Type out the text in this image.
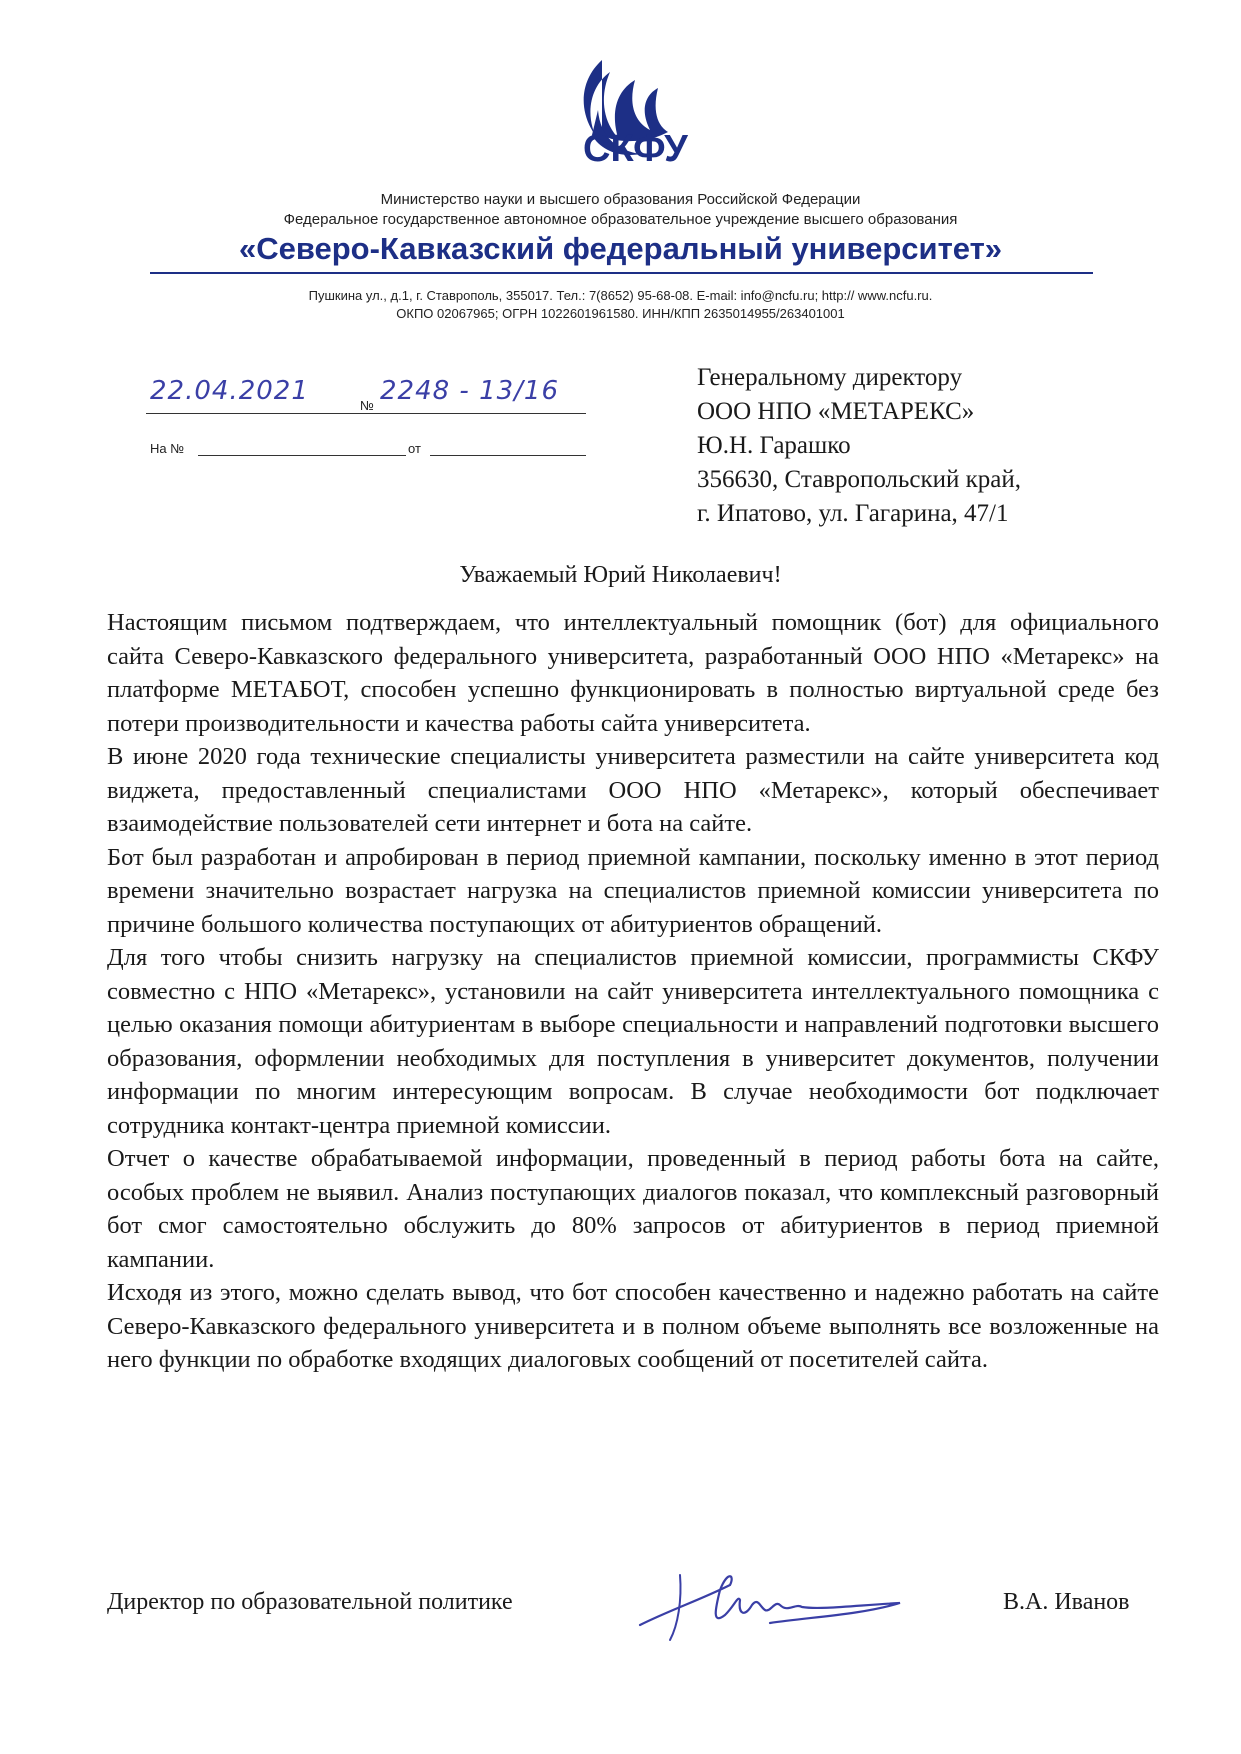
СКФУ
Министерство науки и высшего образования Российской Федерации
Федеральное государственное автономное образовательное учреждение высшего образования
«Северо-Кавказский федеральный университет»
Пушкина ул., д.1, г. Ставрополь, 355017. Тел.: 7(8652) 95-68-08. E-mail: info@ncfu.ru; http:// www.ncfu.ru.
ОКПО 02067965; ОГРН 1022601961580. ИНН/КПП 2635014955/263401001
22.04.2021	№ 2248 - 13/16
На №	от
Генеральному директору
ООО НПО «МЕТАРЕКС»
Ю.Н. Гарашко
356630, Ставропольский край,
г. Ипатово, ул. Гагарина, 47/1
Уважаемый Юрий Николаевич!

Настоящим письмом подтверждаем, что интеллектуальный помощник (бот) для официального сайта Северо-Кавказского федерального университета, разработанный ООО НПО «Метарекс» на платформе МЕТАБОТ, способен успешно функционировать в полностью виртуальной среде без потери производительности и качества работы сайта университета.

В июне 2020 года технические специалисты университета разместили на сайте университета код виджета, предоставленный специалистами ООО НПО «Метарекс», который обеспечивает взаимодействие пользователей сети интернет и бота на сайте.

Бот был разработан и апробирован в период приемной кампании, поскольку именно в этот период времени значительно возрастает нагрузка на специалистов приемной комиссии университета по причине большого количества поступающих от абитуриентов обращений.

Для того чтобы снизить нагрузку на специалистов приемной комиссии, программисты СКФУ совместно с НПО «Метарекс», установили на сайт университета интеллектуального помощника с целью оказания помощи абитуриентам в выборе специальности и направлений подготовки высшего образования, оформлении необходимых для поступления в университет документов, получении информации по многим интересующим вопросам. В случае необходимости бот подключает сотрудника контакт-центра приемной комиссии.

Отчет о качестве обрабатываемой информации, проведенный в период работы бота на сайте, особых проблем не выявил. Анализ поступающих диалогов показал, что комплексный разговорный бот смог самостоятельно обслужить до 80% запросов от абитуриентов в период приемной кампании.

Исходя из этого, можно сделать вывод, что бот способен качественно и надежно работать на сайте Северо-Кавказского федерального университета и в полном объеме выполнять все возложенные на него функции по обработке входящих диалоговых сообщений от посетителей сайта.

Директор по образовательной политике	В.А. Иванов
